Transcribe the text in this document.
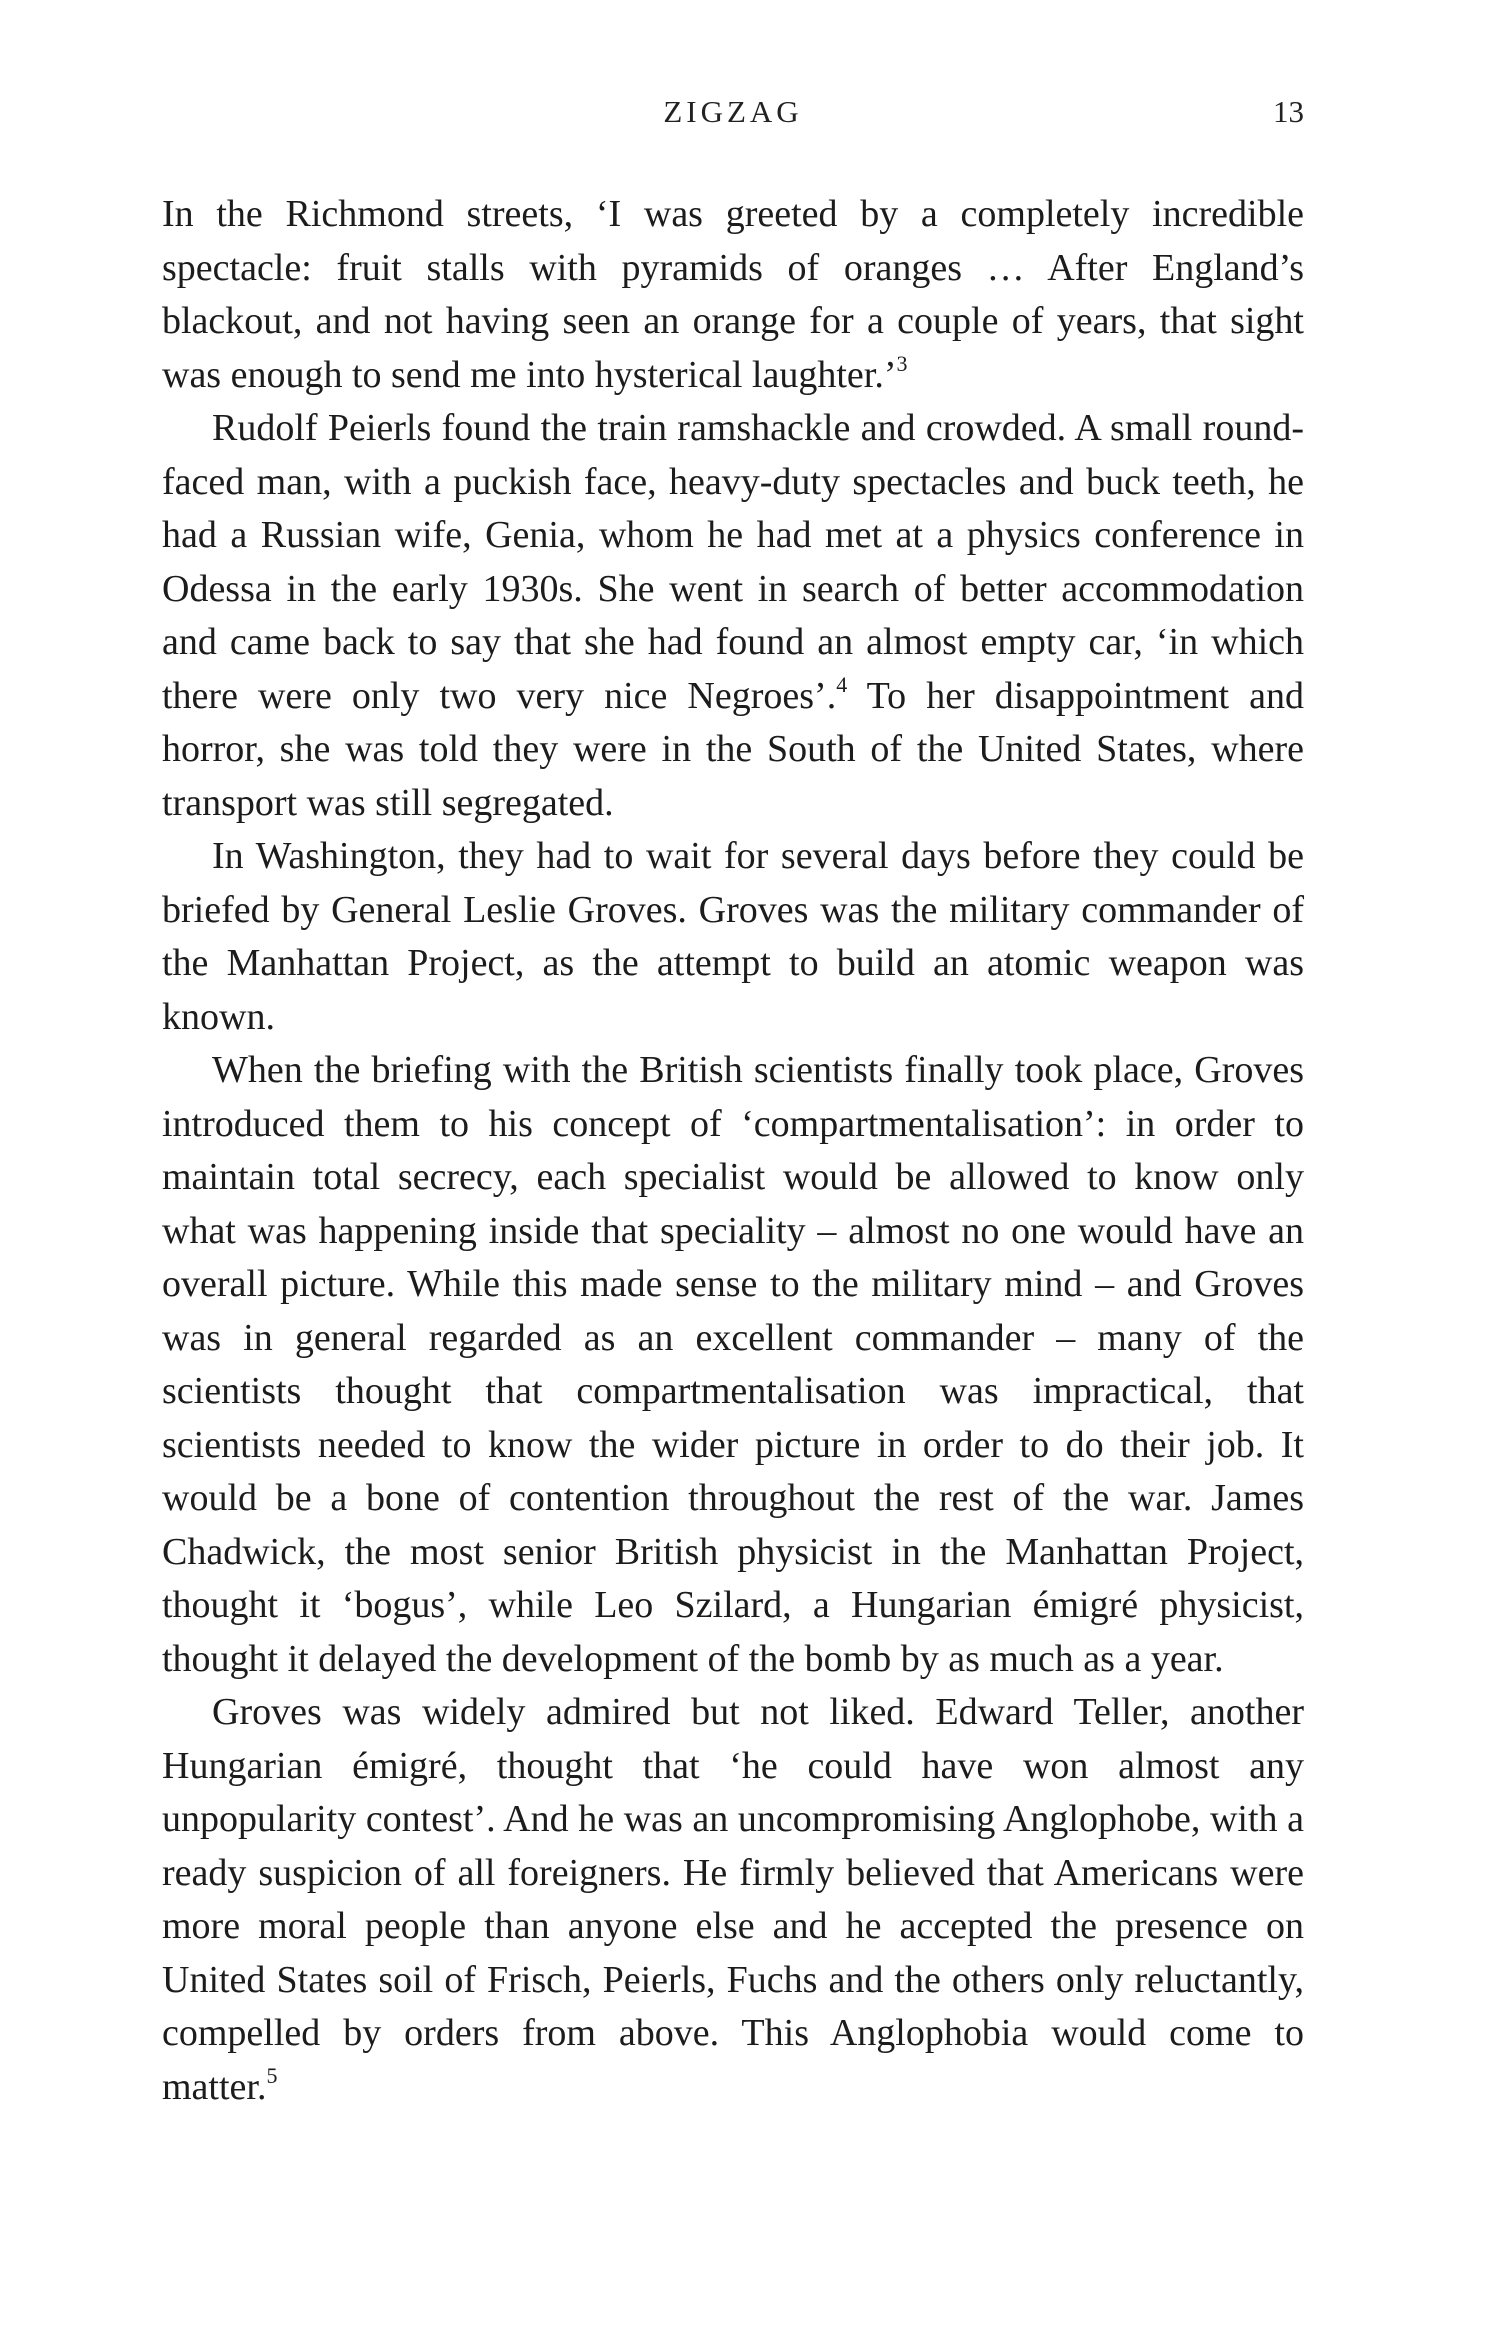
ZIGZAG	13

In the Richmond streets, ‘I was greeted by a completely incredible spectacle: fruit stalls with pyramids of oranges … After England’s blackout, and not having seen an orange for a couple of years, that sight was enough to send me into hysterical laughter.’$^3$

Rudolf Peierls found the train ramshackle and crowded. A small round-faced man, with a puckish face, heavy-duty spectacles and buck teeth, he had a Russian wife, Genia, whom he had met at a physics conference in Odessa in the early 1930s. She went in search of better accommodation and came back to say that she had found an almost empty car, ‘in which there were only two very nice Negroes’.$^4$ To her disappointment and horror, she was told they were in the South of the United States, where transport was still segregated.

In Washington, they had to wait for several days before they could be briefed by General Leslie Groves. Groves was the military commander of the Manhattan Project, as the attempt to build an atomic weapon was known.

When the briefing with the British scientists finally took place, Groves introduced them to his concept of ‘compartmentalisation’: in order to maintain total secrecy, each specialist would be allowed to know only what was happening inside that speciality – almost no one would have an overall picture. While this made sense to the military mind – and Groves was in general regarded as an excellent commander – many of the scientists thought that compartmentalisation was impractical, that scientists needed to know the wider picture in order to do their job. It would be a bone of contention throughout the rest of the war. James Chadwick, the most senior British physicist in the Manhattan Project, thought it ‘bogus’, while Leo Szilard, a Hungarian émigré physicist, thought it delayed the development of the bomb by as much as a year.

Groves was widely admired but not liked. Edward Teller, another Hungarian émigré, thought that ‘he could have won almost any unpopularity contest’. And he was an uncompromising Anglophobe, with a ready suspicion of all foreigners. He firmly believed that Americans were more moral people than anyone else and he accepted the presence on United States soil of Frisch, Peierls, Fuchs and the others only reluctantly, compelled by orders from above. This Anglophobia would come to matter.$^5$
